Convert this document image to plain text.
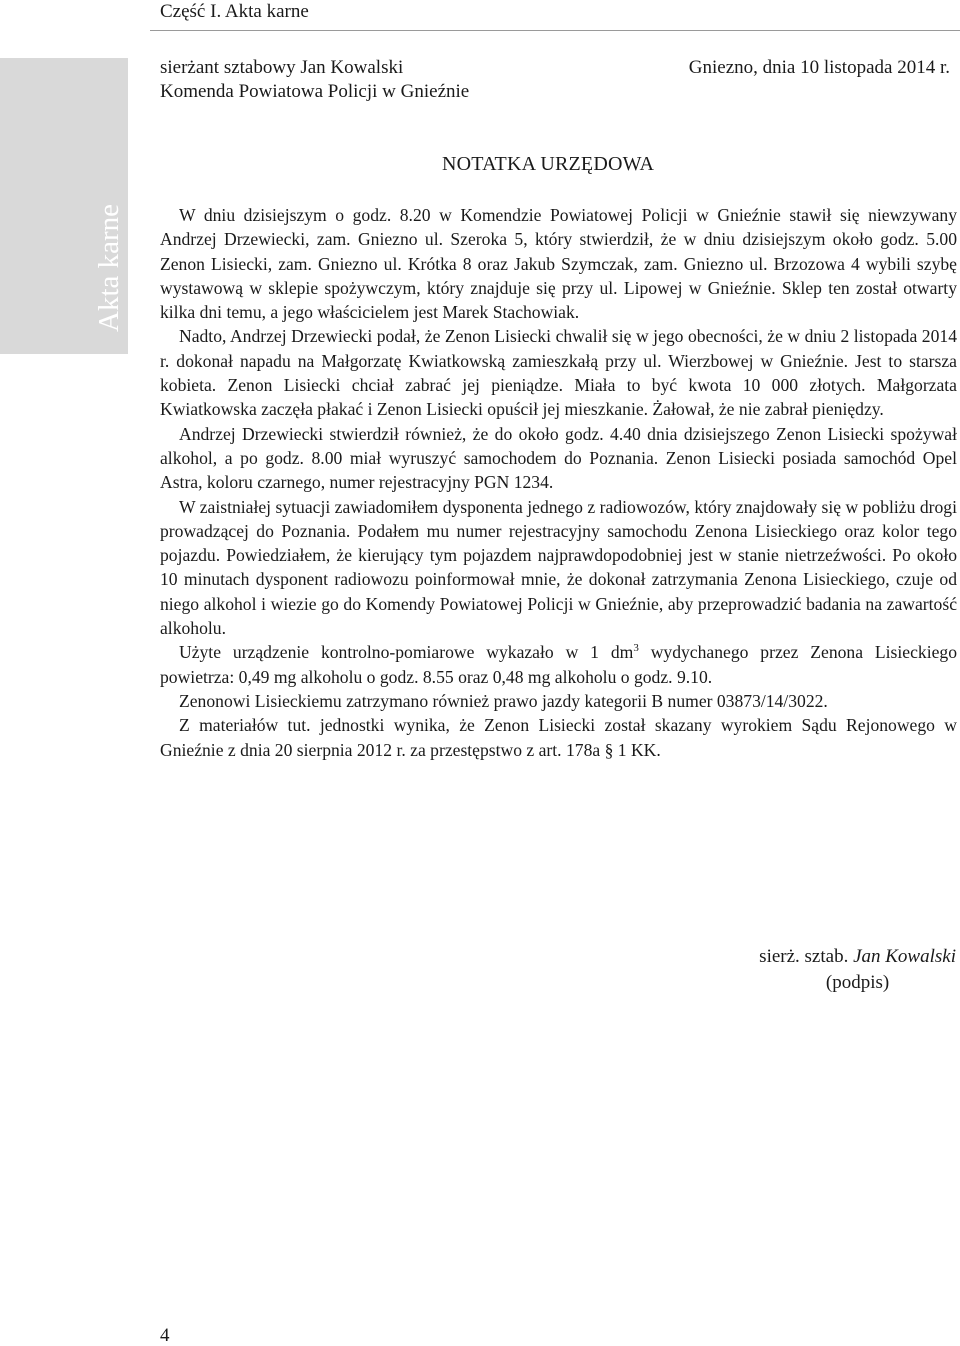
Część I. Akta karne
Akta karne
sierżant sztabowy Jan Kowalski
Komenda Powiatowa Policji w Gnieźnie
Gniezno, dnia 10 listopada 2014 r.
NOTATKA URZĘDOWA

W dniu dzisiejszym o godz. 8.20 w Komendzie Powiatowej Policji w Gnieźnie stawił się niewzywany Andrzej Drzewiecki, zam. Gniezno ul. Szeroka 5, który stwierdził, że w dniu dzisiejszym około godz. 5.00 Zenon Lisiecki, zam. Gniezno ul. Krótka 8 oraz Jakub Szymczak, zam. Gniezno ul. Brzozowa 4 wybili szybę wystawową w sklepie spożywczym, który znajduje się przy ul. Lipowej w Gnieźnie. Sklep ten został otwarty kilka dni temu, a jego właścicielem jest Marek Stachowiak.

Nadto, Andrzej Drzewiecki podał, że Zenon Lisiecki chwalił się w jego obecności, że w dniu 2 listopada 2014 r. dokonał napadu na Małgorzatę Kwiatkowską zamieszkałą przy ul. Wierzbowej w Gnieźnie. Jest to starsza kobieta. Zenon Lisiecki chciał zabrać jej pieniądze. Miała to być kwota 10 000 złotych. Małgorzata Kwiatkowska zaczęła płakać i Zenon Lisiecki opuścił jej mieszkanie. Żałował, że nie zabrał pieniędzy.

Andrzej Drzewiecki stwierdził również, że do około godz. 4.40 dnia dzisiejszego Zenon Lisiecki spożywał alkohol, a po godz. 8.00 miał wyruszyć samochodem do Poznania. Zenon Lisiecki posiada samochód Opel Astra, koloru czarnego, numer rejestracyjny PGN 1234.

W zaistniałej sytuacji zawiadomiłem dysponenta jednego z radiowozów, który znajdowały się w pobliżu drogi prowadzącej do Poznania. Podałem mu numer rejestracyjny samochodu Zenona Lisieckiego oraz kolor tego pojazdu. Powiedziałem, że kierujący tym pojazdem najprawdopodobniej jest w stanie nietrzeźwości. Po około 10 minutach dysponent radiowozu poinformował mnie, że dokonał zatrzymania Zenona Lisieckiego, czuje od niego alkohol i wiezie go do Komendy Powiatowej Policji w Gnieźnie, aby przeprowadzić badania na zawartość alkoholu.

Użyte urządzenie kontrolno-pomiarowe wykazało w 1 $dm^3$ wydychanego przez Zenona Lisieckiego powietrza: 0,49 mg alkoholu o godz. 8.55 oraz 0,48 mg alkoholu o godz. 9.10.

Zenonowi Lisieckiemu zatrzymano również prawo jazdy kategorii B numer 03873/14/3022.

Z materiałów tut. jednostki wynika, że Zenon Lisiecki został skazany wyrokiem Sądu Rejonowego w Gnieźnie z dnia 20 sierpnia 2012 r. za przestępstwo z art. 178a § 1 KK.

sierż. sztab. Jan Kowalski
(podpis)
4
